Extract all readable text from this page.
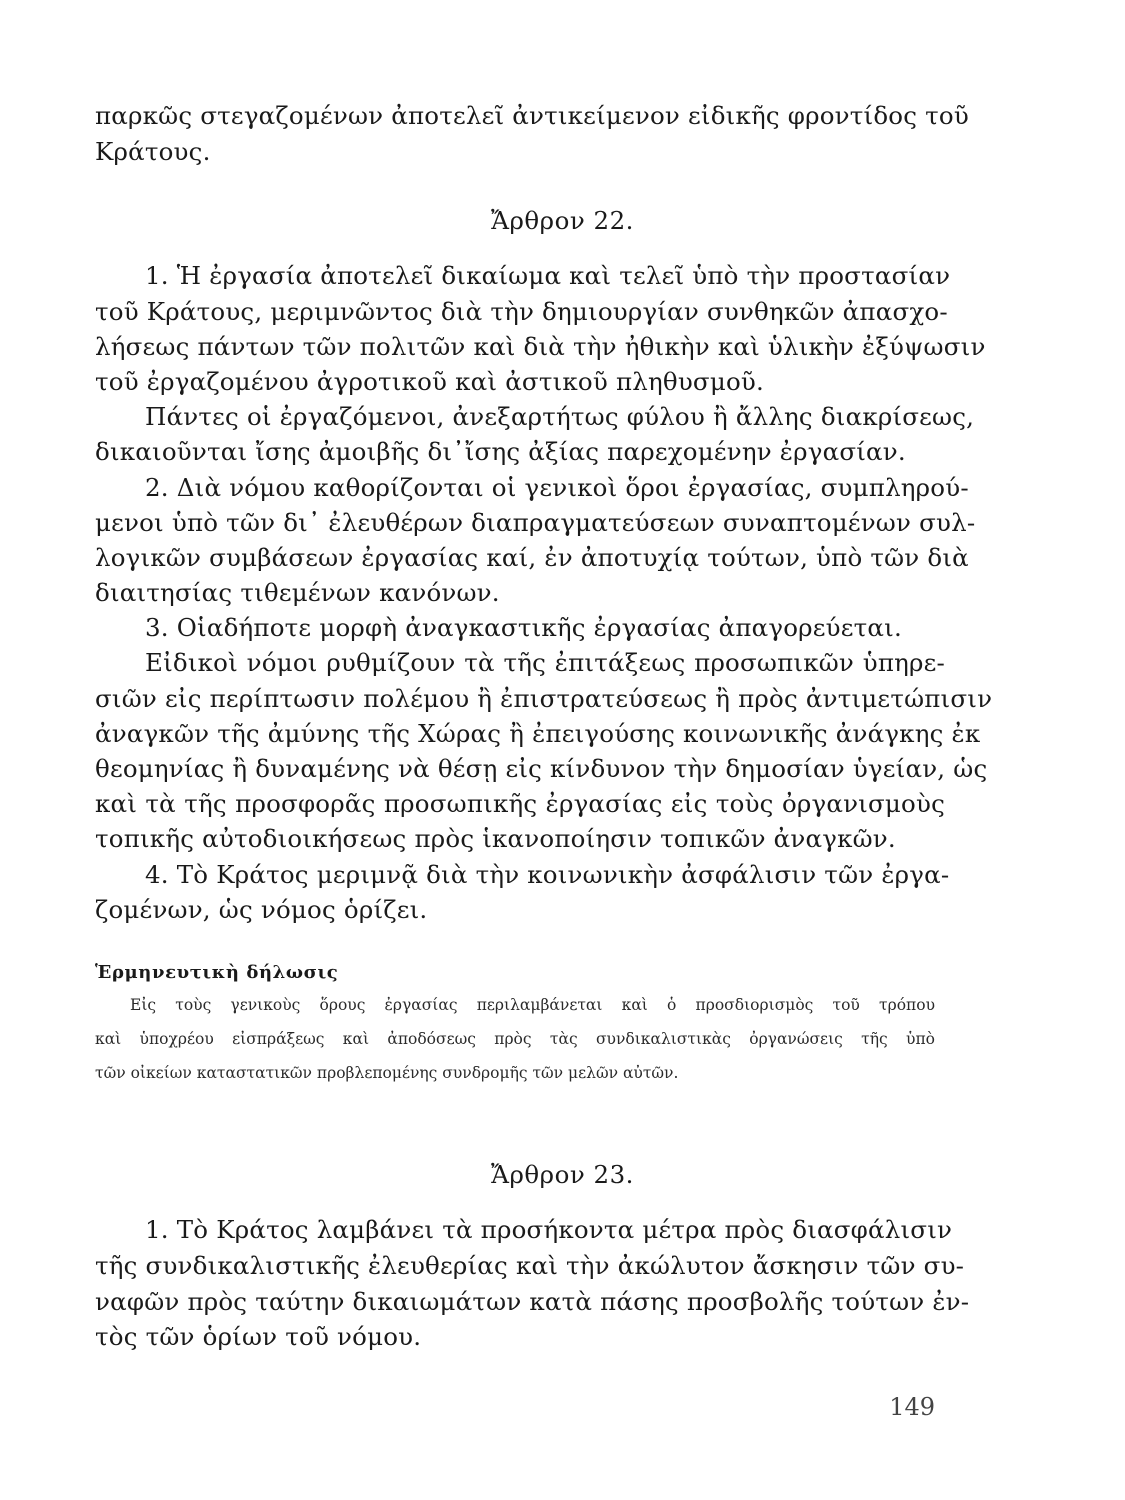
παρκῶς στεγαζομένων ἀποτελεῖ ἀντικείμενον εἰδικῆς φροντίδος τοῦ
Κράτους.
Ἄρθρον 22.
1. Ἡ ἐργασία ἀποτελεῖ δικαίωμα καὶ τελεῖ ὑπὸ τὴν προστασίαν
τοῦ Κράτους, μεριμνῶντος διὰ τὴν δημιουργίαν συνθηκῶν ἀπασχο-
λήσεως πάντων τῶν πολιτῶν καὶ διὰ τὴν ἠθικὴν καὶ ὑλικὴν ἐξύψωσιν
τοῦ ἐργαζομένου ἀγροτικοῦ καὶ ἀστικοῦ πληθυσμοῦ.
Πάντες οἱ ἐργαζόμενοι, ἀνεξαρτήτως φύλου ἢ ἄλλης διακρίσεως,
δικαιοῦνται ἴσης ἀμοιβῆς δι᾽ἴσης ἀξίας παρεχομένην ἐργασίαν.
2. Διὰ νόμου καθορίζονται οἱ γενικοὶ ὅροι ἐργασίας, συμπληρού-
μενοι ὑπὸ τῶν δι᾽ ἐλευθέρων διαπραγματεύσεων συναπτομένων συλ-
λογικῶν συμβάσεων ἐργασίας καί, ἐν ἀποτυχίᾳ τούτων, ὑπὸ τῶν διὰ
διαιτησίας τιθεμένων κανόνων.
3. Οἱαδήποτε μορφὴ ἀναγκαστικῆς ἐργασίας ἀπαγορεύεται.
Εἰδικοὶ νόμοι ρυθμίζουν τὰ τῆς ἐπιτάξεως προσωπικῶν ὑπηρε-
σιῶν εἰς περίπτωσιν πολέμου ἢ ἐπιστρατεύσεως ἢ πρὸς ἀντιμετώπισιν
ἀναγκῶν τῆς ἀμύνης τῆς Χώρας ἢ ἐπειγούσης κοινωνικῆς ἀνάγκης ἐκ
θεομηνίας ἢ δυναμένης νὰ θέσῃ εἰς κίνδυνον τὴν δημοσίαν ὑγείαν, ὡς
καὶ τὰ τῆς προσφορᾶς προσωπικῆς ἐργασίας εἰς τοὺς ὀργανισμοὺς
τοπικῆς αὐτοδιοικήσεως πρὸς ἱκανοποίησιν τοπικῶν ἀναγκῶν.
4. Τὸ Κράτος μεριμνᾷ διὰ τὴν κοινωνικὴν ἀσφάλισιν τῶν ἐργα-
ζομένων, ὡς νόμος ὁρίζει.
Ἑρμηνευτικὴ δήλωσις
Εἰς τοὺς γενικοὺς ὅρους ἐργασίας περιλαμβάνεται καὶ ὁ προσδιορισμὸς τοῦ τρόπου
καὶ ὑποχρέου εἰσπράξεως καὶ ἀποδόσεως πρὸς τὰς συνδικαλιστικὰς ὀργανώσεις τῆς ὑπὸ
τῶν οἰκείων καταστατικῶν προβλεπομένης συνδρομῆς τῶν μελῶν αὐτῶν.
Ἄρθρον 23.
1. Τὸ Κράτος λαμβάνει τὰ προσήκοντα μέτρα πρὸς διασφάλισιν
τῆς συνδικαλιστικῆς ἐλευθερίας καὶ τὴν ἀκώλυτον ἄσκησιν τῶν συ-
ναφῶν πρὸς ταύτην δικαιωμάτων κατὰ πάσης προσβολῆς τούτων ἐν-
τὸς τῶν ὁρίων τοῦ νόμου.
149
